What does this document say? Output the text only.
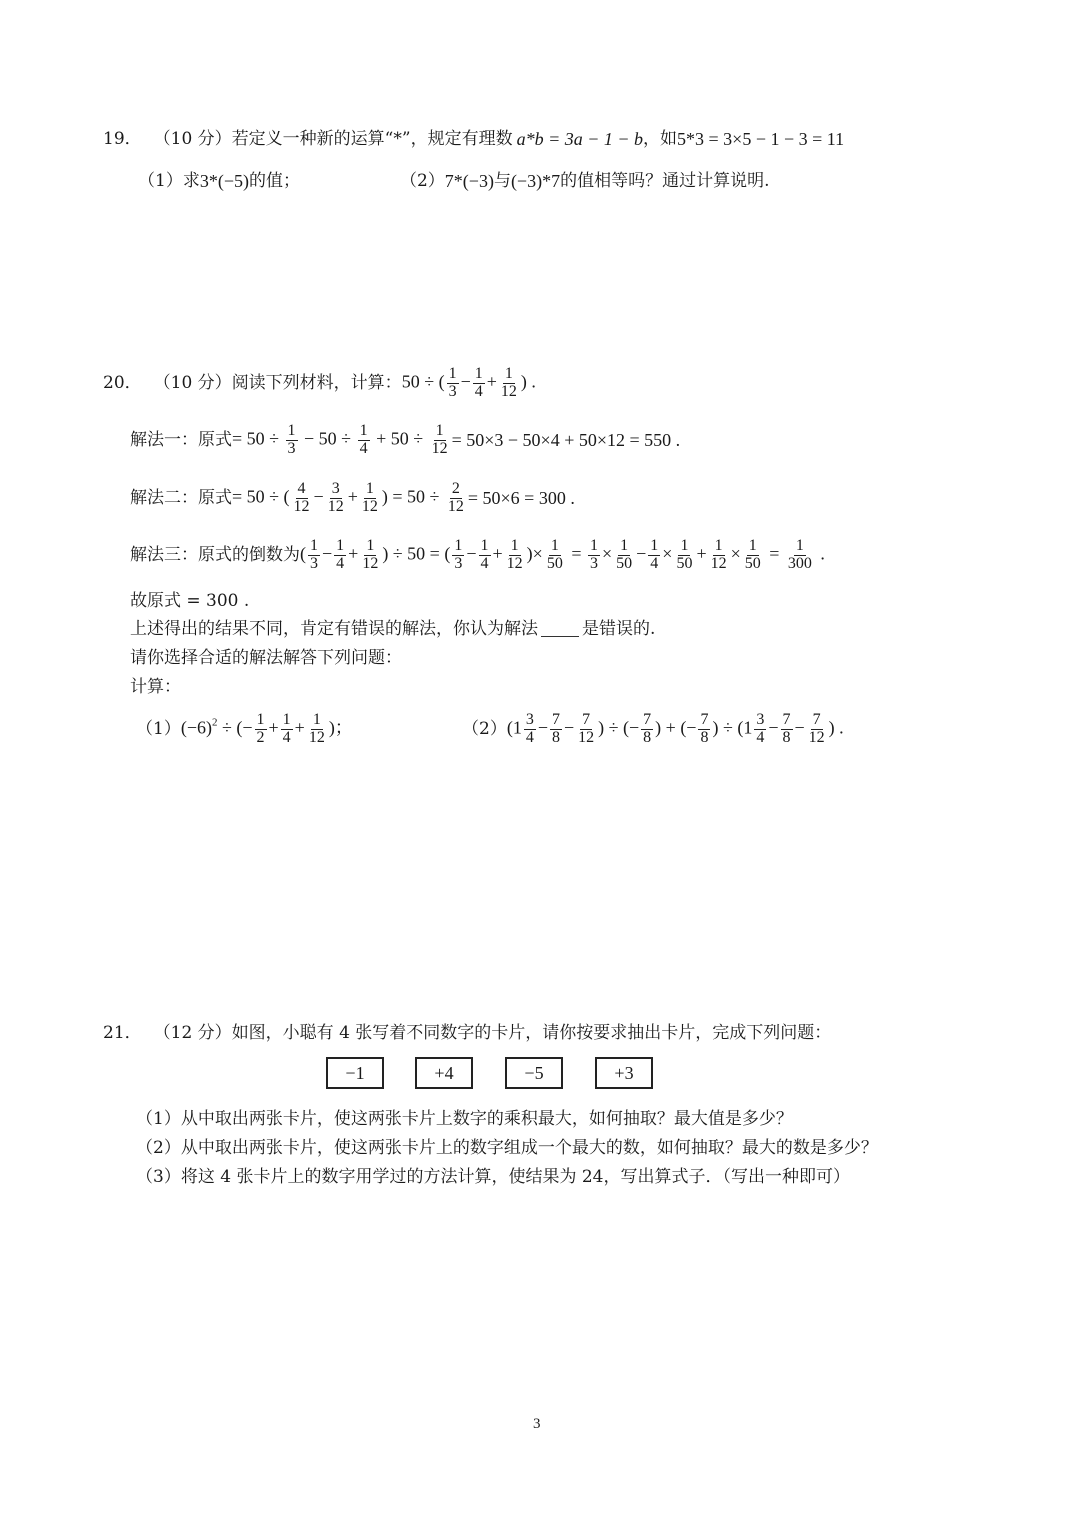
19． （10 分） 若定义一种新的运算“*”，规定有理数 a*b = 3a − 1 − b ，如 5*3 = 3×5 − 1 − 3 = 11
（1）求 3*(−5) 的值；	（2） 7*(−3) 与 (−3)*7 的值相等吗？通过计算说明.
20． （10 分） 阅读下列材料，计算： 50 ÷ ( $\frac{1}{3} - \frac{1}{4} + \frac{1}{12}$ ) .
解法一：原式 = $50 \div \frac{1}{3} - 50 \div \frac{1}{4} + 50 \div \frac{1}{12} = 50\times 3 - 50\times 4 + 50\times 12 = 550$ .
解法二：原式 = 50 ÷ ( $\frac{4}{12} - \frac{3}{12} + \frac{1}{12}$ ) = $50 \div \frac{2}{12} = 50\times 6 = 300$ .
解法三：原式的倒数为 ( $\frac{1}{3} - \frac{1}{4} + \frac{1}{12}$ ) ÷ 50 = ( $\frac{1}{3} - \frac{1}{4} + \frac{1}{12}$ )× $\frac{1}{50} = \frac{1}{3} \times \frac{1}{50} - \frac{1}{4} \times \frac{1}{50} + \frac{1}{12} \times \frac{1}{50} = \frac{1}{300}$ .
故原式 = 300 .
上述得出的结果不同，肯定有错误的解法，你认为解法	是错误的.
请你选择合适的解法解答下列问题：
计算：
（1） $(-6)^2$ ÷ (− $\frac{1}{2} + \frac{1}{4} + \frac{1}{12}$ )；	（2） ($1 \frac{3}{4} - \frac{7}{8} - \frac{7}{12}$ ) ÷ (− $\frac{7}{8}$ ) + (− $\frac{7}{8}$ ) ÷ ($1 \frac{3}{4} - \frac{7}{8} - \frac{7}{12}$ ) .
21． （12 分） 如图，小聪有 4 张写着不同数字的卡片，请你按要求抽出卡片，完成下列问题：
−1	+4	−5	+3
（1）从中取出两张卡片，使这两张卡片上数字的乘积最大，如何抽取？最大值是多少？
（2）从中取出两张卡片，使这两张卡片上的数字组成一个最大的数，如何抽取？最大的数是多少？
（3）将这 4 张卡片上的数字用学过的方法计算，使结果为 24，写出算式子．（写出一种即可）
3
